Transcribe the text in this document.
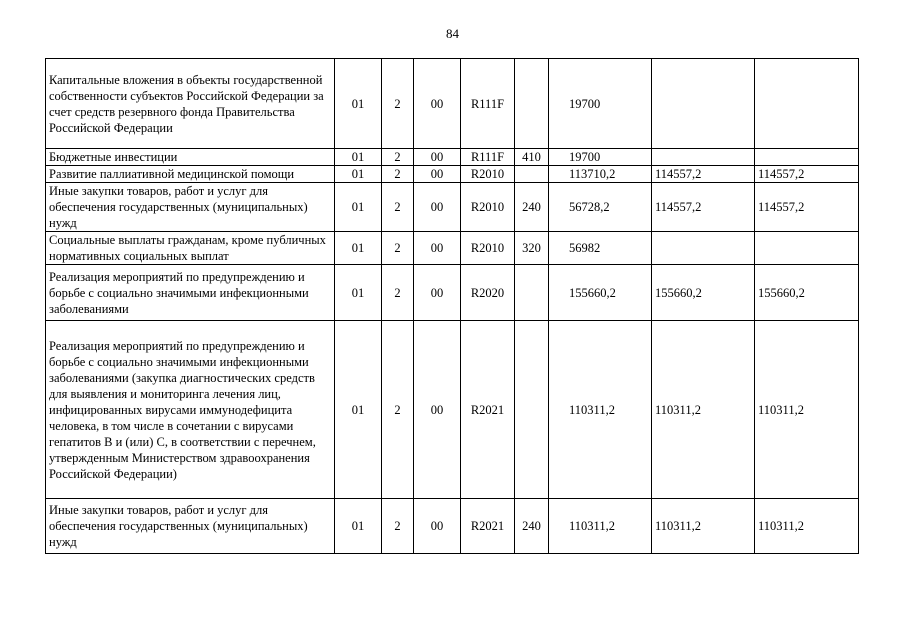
84
Капитальные вложения в объекты государственной собственности субъектов Российской Федерации за счет средств резервного фонда Правительства Российской Федерации	01	2	00	R111F		19700		
Бюджетные инвестиции	01	2	00	R111F	410	19700		
Развитие паллиативной медицинской помощи	01	2	00	R2010		113710,2	114557,2	114557,2
Иные закупки товаров, работ и услуг для обеспечения государственных (муниципальных) нужд	01	2	00	R2010	240	56728,2	114557,2	114557,2
Социальные выплаты гражданам, кроме публичных нормативных социальных выплат	01	2	00	R2010	320	56982		
Реализация мероприятий по предупреждению и борьбе с социально значимыми инфекционными заболеваниями	01	2	00	R2020		155660,2	155660,2	155660,2
Реализация мероприятий по предупреждению и борьбе с социально значимыми инфекционными заболеваниями (закупка диагностических средств для выявления и мониторинга лечения лиц, инфицированных вирусами иммунодефицита человека, в том числе в сочетании с вирусами гепатитов В и (или) С, в соответствии с перечнем, утвержденным Министерством здравоохранения Российской Федерации)	01	2	00	R2021		110311,2	110311,2	110311,2
Иные закупки товаров, работ и услуг для обеспечения государственных (муниципальных) нужд	01	2	00	R2021	240	110311,2	110311,2	110311,2
